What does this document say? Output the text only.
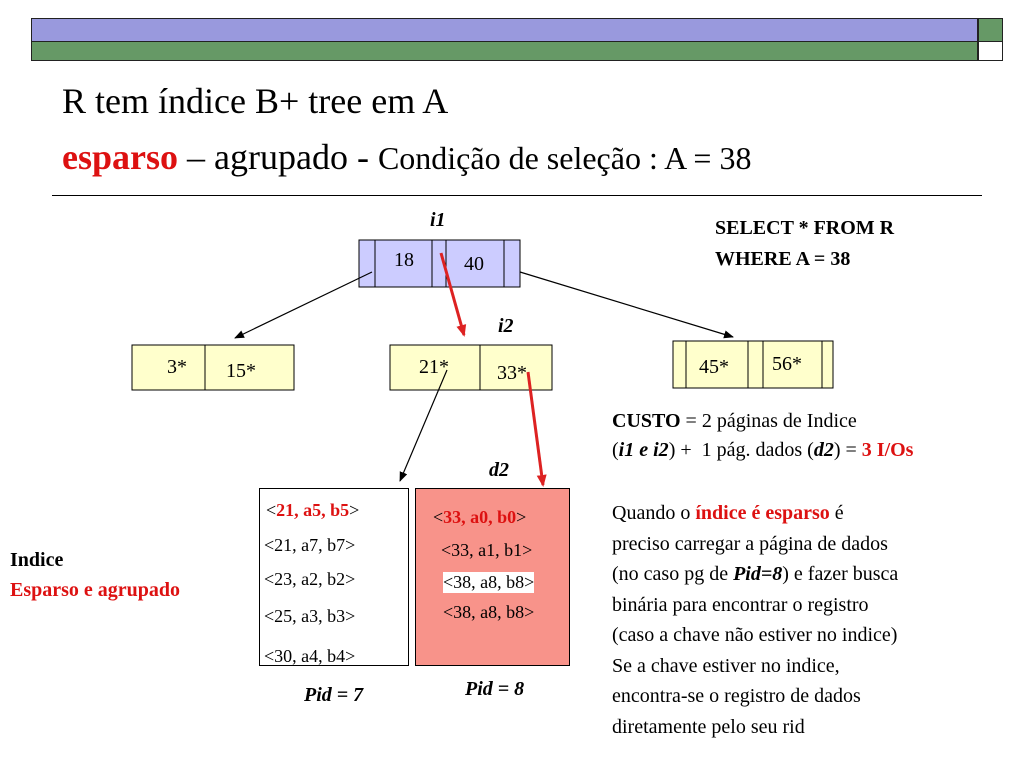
R tem índice B+ tree em A
esparso – agrupado - Condição de seleção : A = 38
i1
18	40
3* 15*
i2
21* 33*	45* 56*
SELECT * FROM R
WHERE A = 38
CUSTO = 2 páginas de Indice
(i1 e i2) +  1 pág. dados (d2) = 3 I/Os
d2
<21, a5, b5>
<21, a7, b7>
<23, a2, b2>
<25, a3, b3>
<30, a4, b4>
Pid = 7
<33, a0, b0>
<33, a1, b1>
<38, a8, b8>
<38, a8, b8>
Pid = 8
Indice
Esparso e agrupado
Quando o índice é esparso é
preciso carregar a página de dados
(no caso pg de Pid=8) e fazer busca
binária para encontrar o registro
(caso a chave não estiver no indice)
Se a chave estiver no indice,
encontra-se o registro de dados
diretamente pelo seu rid
